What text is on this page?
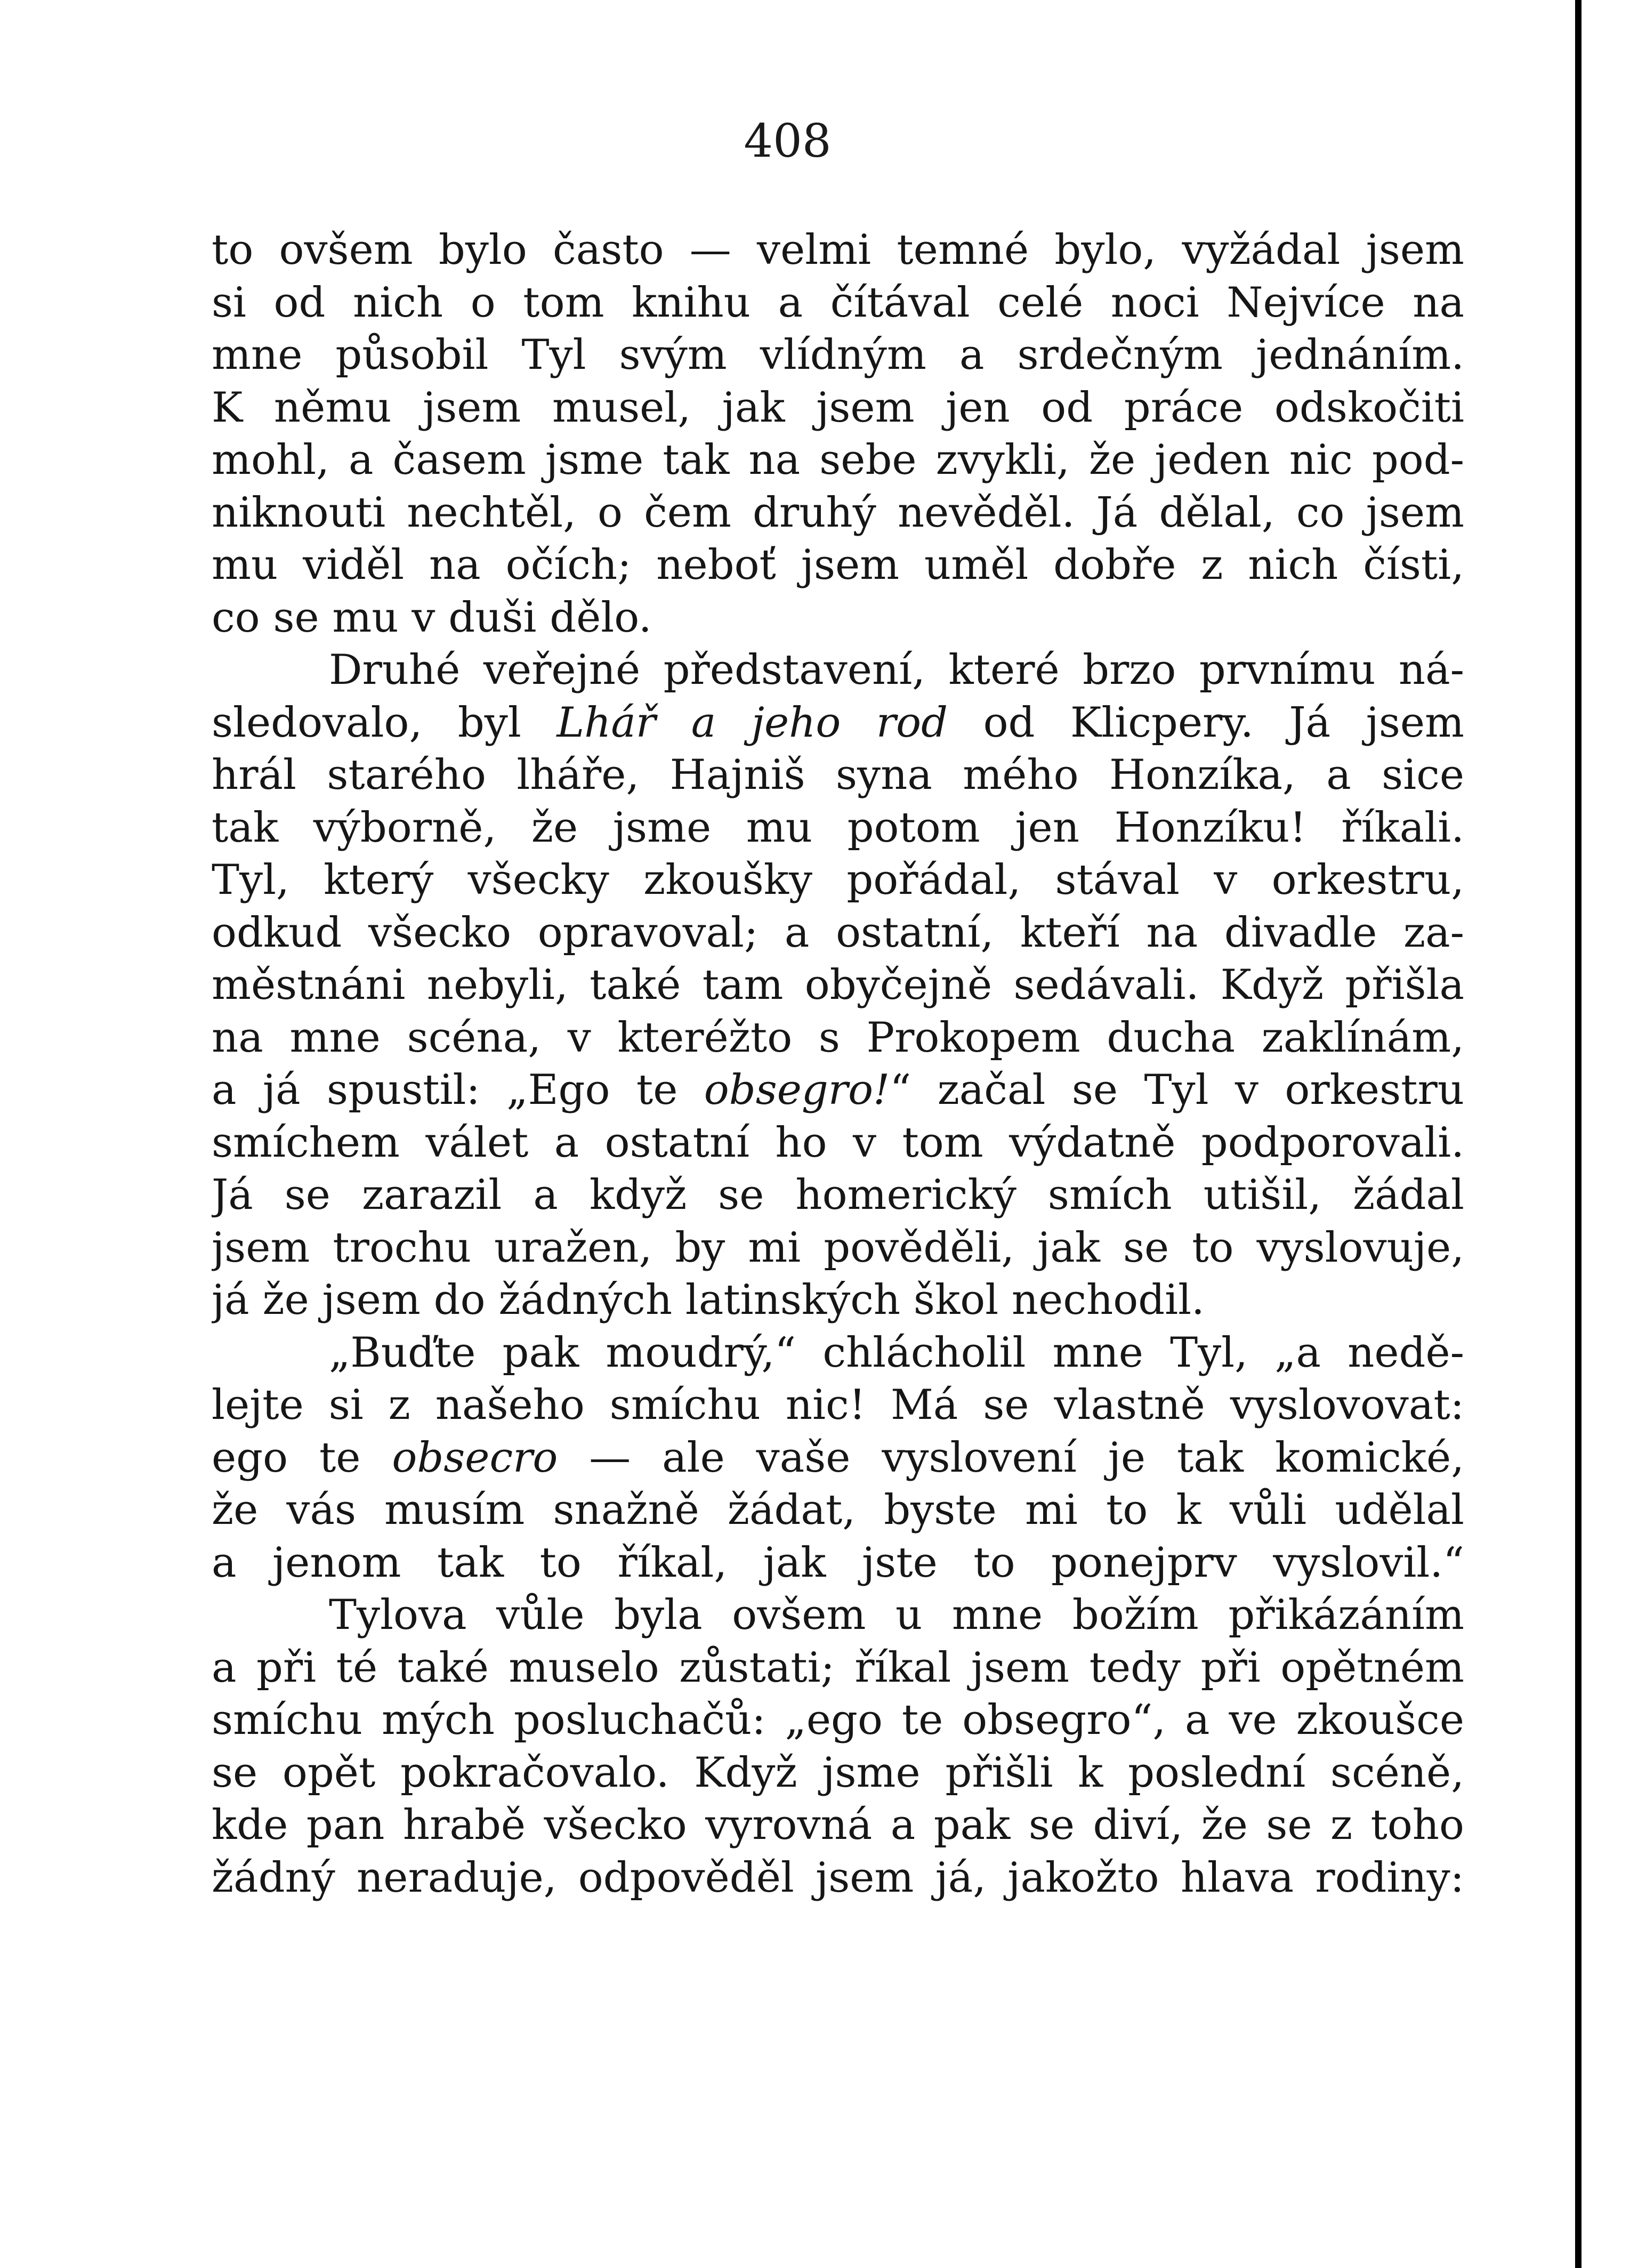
408
to ovšem bylo často — velmi temné bylo, vyžádal jsem
si od nich o tom knihu a čítával celé noci Nejvíce na
mne působil Tyl svým vlídným a srdečným jednáním.
K němu jsem musel, jak jsem jen od práce odskočiti
mohl, a časem jsme tak na sebe zvykli, že jeden nic pod-
niknouti nechtěl, o čem druhý nevěděl. Já dělal, co jsem
mu viděl na očích; neboť jsem uměl dobře z nich čísti,
co se mu v duši dělo.
Druhé veřejné představení, které brzo prvnímu ná-
sledovalo, byl Lhář a jeho rod od Klicpery. Já jsem
hrál starého lháře, Hajniš syna mého Honzíka, a sice
tak výborně, že jsme mu potom jen Honzíku! říkali.
Tyl, který všecky zkoušky pořádal, stával v orkestru,
odkud všecko opravoval; a ostatní, kteří na divadle za-
městnáni nebyli, také tam obyčejně sedávali. Když přišla
na mne scéna, v kteréžto s Prokopem ducha zaklínám,
a já spustil: „Ego te obsegro!“ začal se Tyl v orkestru
smíchem válet a ostatní ho v tom výdatně podporovali.
Já se zarazil a když se homerický smích utišil, žádal
jsem trochu uražen, by mi pověděli, jak se to vyslovuje,
já že jsem do žádných latinských škol nechodil.
„Buďte pak moudrý,“ chlácholil mne Tyl, „a nedě-
lejte si z našeho smíchu nic! Má se vlastně vyslovovat:
ego te obsecro — ale vaše vyslovení je tak komické,
že vás musím snažně žádat, byste mi to k vůli udělal
a jenom tak to říkal, jak jste to ponejprv vyslovil.“
Tylova vůle byla ovšem u mne božím přikázáním
a při té také muselo zůstati; říkal jsem tedy při opětném
smíchu mých posluchačů: „ego te obsegro“, a ve zkoušce
se opět pokračovalo. Když jsme přišli k poslední scéně,
kde pan hrabě všecko vyrovná a pak se diví, že se z toho
žádný neraduje, odpověděl jsem já, jakožto hlava rodiny:
